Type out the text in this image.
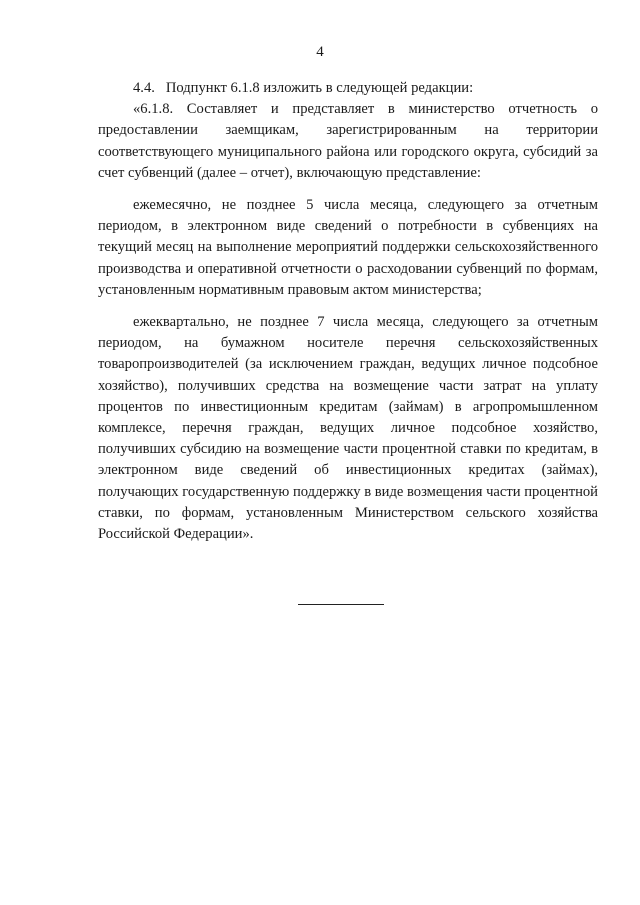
4

4.4.   Подпункт 6.1.8 изложить в следующей редакции:

«6.1.8. Составляет и представляет в министерство отчетность о предоставлении заемщикам, зарегистрированным на территории соответствующего муниципального района или городского округа, субсидий за счет субвенций (далее – отчет), включающую представление:

ежемесячно, не позднее 5 числа месяца, следующего за отчетным периодом, в электронном виде сведений о потребности в субвенциях на текущий месяц на выполнение мероприятий поддержки сельскохозяйственного производства и оперативной отчетности о расходовании субвенций по формам, установленным нормативным правовым актом министерства;

ежеквартально, не позднее 7 числа месяца, следующего за отчетным периодом, на бумажном носителе перечня сельскохозяйственных товаропроизводителей (за исключением граждан, ведущих личное подсобное хозяйство), получивших средства на возмещение части затрат на уплату процентов по инвестиционным кредитам (займам) в агропромышленном комплексе, перечня граждан, ведущих личное подсобное хозяйство, получивших субсидию на возмещение части процентной ставки по кредитам, в электронном виде сведений об инвестиционных кредитах (займах), получающих государственную поддержку в виде возмещения части процентной ставки, по формам, установленным Министерством сельского хозяйства Российской Федерации».
